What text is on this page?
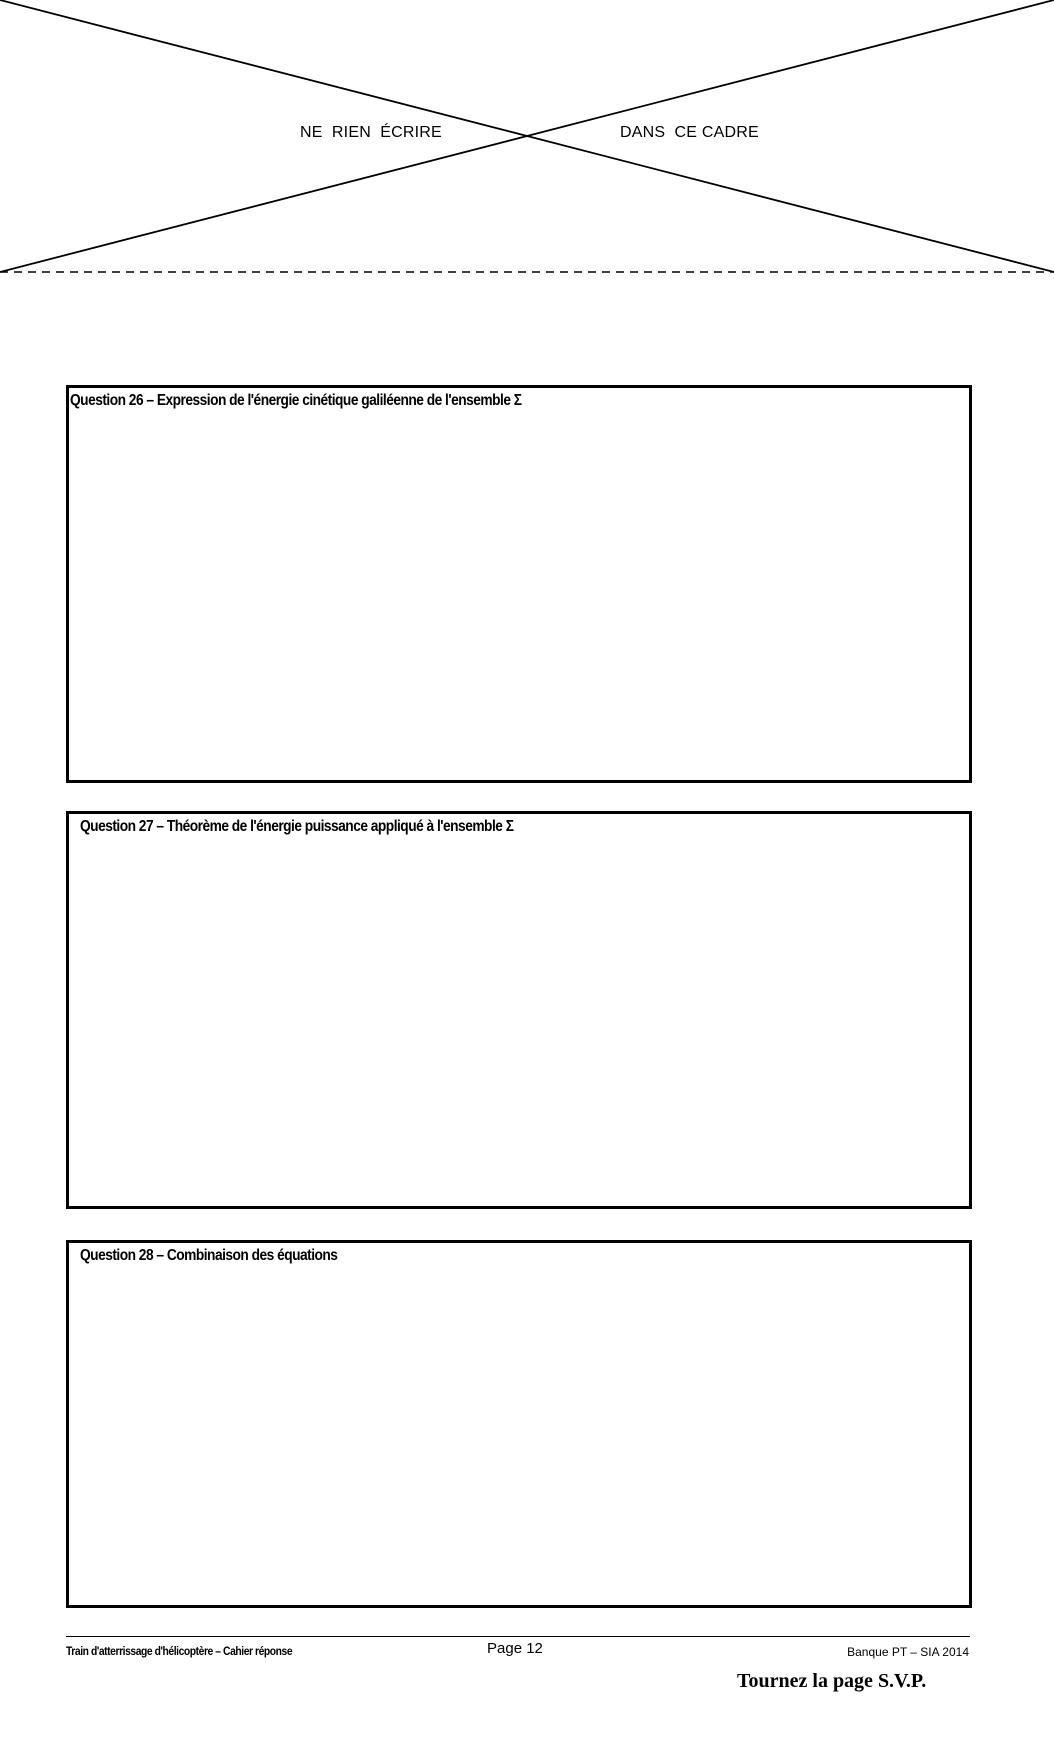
NE  RIEN  ÉCRIRE	DANS  CE CADRE
Question 26 – Expression de l'énergie cinétique galiléenne de l'ensemble Σ
Question 27 – Théorème de l'énergie puissance appliqué à l'ensemble Σ
Question 28 – Combinaison des équations
Train d'atterrissage d'hélicoptère – Cahier réponse	Page 12	Banque PT – SIA 2014
Tournez la page S.V.P.
